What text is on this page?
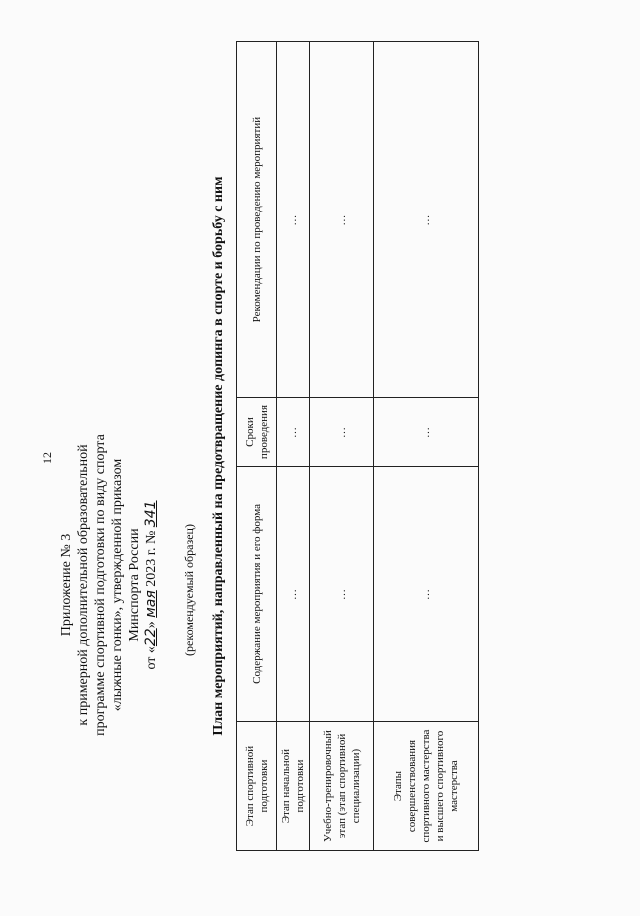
12
Приложение № 3 к примерной дополнительной образовательной программе спортивной подготовки по виду спорта «лыжные гонки», утвержденной приказом Минспорта России
от «22» мая 2023 г. № 341
(рекомендуемый образец) План мероприятий, направленный на предотвращение допинга в спорте и борьбу с ним
Этап спортивной подготовки	Содержание мероприятия и его форма	Сроки проведения	Рекомендации по проведению мероприятий
Этап начальной подготовки	…	…	…
Учебно-тренировочный этап (этап спортивной специализации)	…	…	…
Этапы совершенствования спортивного мастерства и высшего спортивного мастерства	…	…	…
